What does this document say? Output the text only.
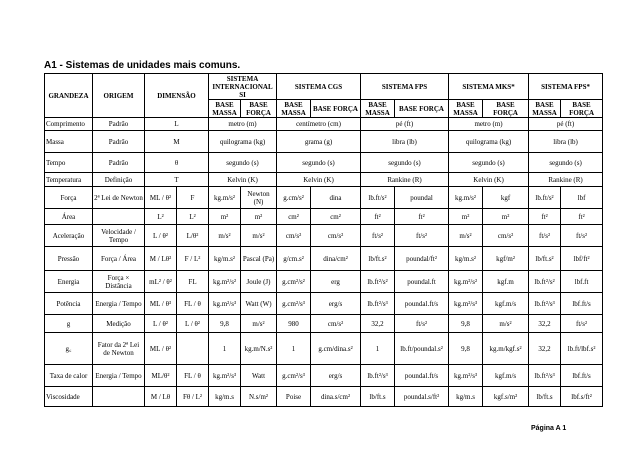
A1 - Sistemas de unidades mais comuns.
GRANDEZA	ORIGEM	DIMENSÃO		SISTEMA INTERNACIONAL SI		SISTEMA CGS		SISTEMA FPS		SISTEMA MKS*		SISTEMA FPS*	
				BASE MASSA	BASE FORÇA	BASE MASSA	BASE FORÇA	BASE MASSA	BASE FORÇA	BASE MASSA	BASE FORÇA	BASE MASSA	BASE FORÇA
Comprimento	Padrão	L		metro (m)		centímetro (cm)		pé (ft)		metro (m)		pé (ft)	
Massa	Padrão	M		quilograma (kg)		grama (g)		libra (lb)		quilograma (kg)		libra (lb)	
Tempo	Padrão	θ		segundo (s)		segundo (s)		segundo (s)		segundo (s)		segundo (s)	
Temperatura	Definição	T		Kelvin (K)		Kelvin (K)		Rankine (R)		Kelvin (K)		Rankine (R)	
Força	2ª Lei de Newton	ML / θ²	F	kg.m/s²	Newton (N)	g.cm/s²	dina	lb.ft/s²	poundal	kg.m/s²	kgf	lb.ft/s²	lbf
Área		L²	L²	m²	m²	cm²	cm²	ft²	ft²	m²	m²	ft²	ft²
Aceleração	Velocidade / Tempo	L / θ²	L/θ²	m/s²	m/s²	cm/s²	cm/s²	ft/s²	ft/s²	m/s²	cm/s²	ft/s²	ft/s²
Pressão	Força / Área	M / Lθ²	F / L²	kg/m.s²	Pascal (Pa)	g/cm.s²	dina/cm²	lb/ft.s²	poundal/ft²	kg/m.s²	kgf/m²	lb/ft.s²	lbf/ft²
Energia	Força × Distância	mL² / θ²	FL	kg.m²/s²	Joule (J)	g.cm²/s²	erg	lb.ft²/s²	poundal.ft	kg.m²/s²	kgf.m	lb.ft²/s²	lbf.ft
Potência	Energia / Tempo	ML / θ³	FL / θ	kg.m²/s³	Watt (W)	g.cm²/s³	erg/s	lb.ft²/s³	poundal.ft/s	kg.m²/s³	kgf.m/s	lb.ft²/s³	lbf.ft/s
g	Medição	L / θ²	L / θ²	9,8	m/s²	980	cm/s²	32,2	ft/s²	9,8	m/s²	32,2	ft/s²
g꜀	Fator da 2ª Lei de Newton	ML / θ²		1	kg.m/N.s²	1	g.cm/dina.s²	1	lb.ft/poundal.s²	9,8	kg.m/kgf.s²	32,2	lb.ft/lbf.s²
Taxa de calor	Energia / Tempo	ML/θ²	FL / θ	kg.m²/s³	Watt	g.cm²/s³	erg/s	lb.ft²/s³	poundal.ft/s	kg.m²/s³	kgf.m/s	lb.ft²/s³	lbf.ft/s
Viscosidade		M / Lθ	Fθ / L²	kg/m.s	N.s/m²	Poise	dina.s/cm²	lb/ft.s	poundal.s/ft²	kg/m.s	kgf.s/m²	lb/ft.s	lbf.s/ft²
Página A 1
